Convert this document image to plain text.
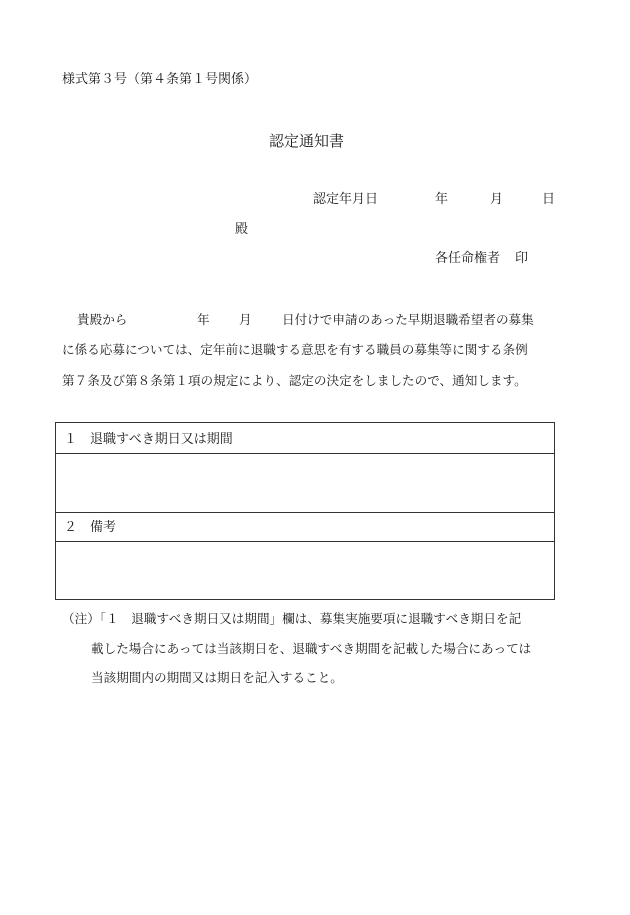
様式第３号（第４条第１号関係）
認定通知書
認定年月日	年	月	日
殿
各任命権者 印
貴殿から	年 月 日付けで申請のあった早期退職希望者の募集
に係る応募については、定年前に退職する意思を有する職員の募集等に関する条例
第７条及び第８条第１項の規定により、認定の決定をしましたので、通知します。
１　退職すべき期日又は期間
２　備考
（注）「１　退職すべき期日又は期間」欄は、募集実施要項に退職すべき期日を記
載した場合にあっては当該期日を、退職すべき期間を記載した場合にあっては
当該期間内の期間又は期日を記入すること。
